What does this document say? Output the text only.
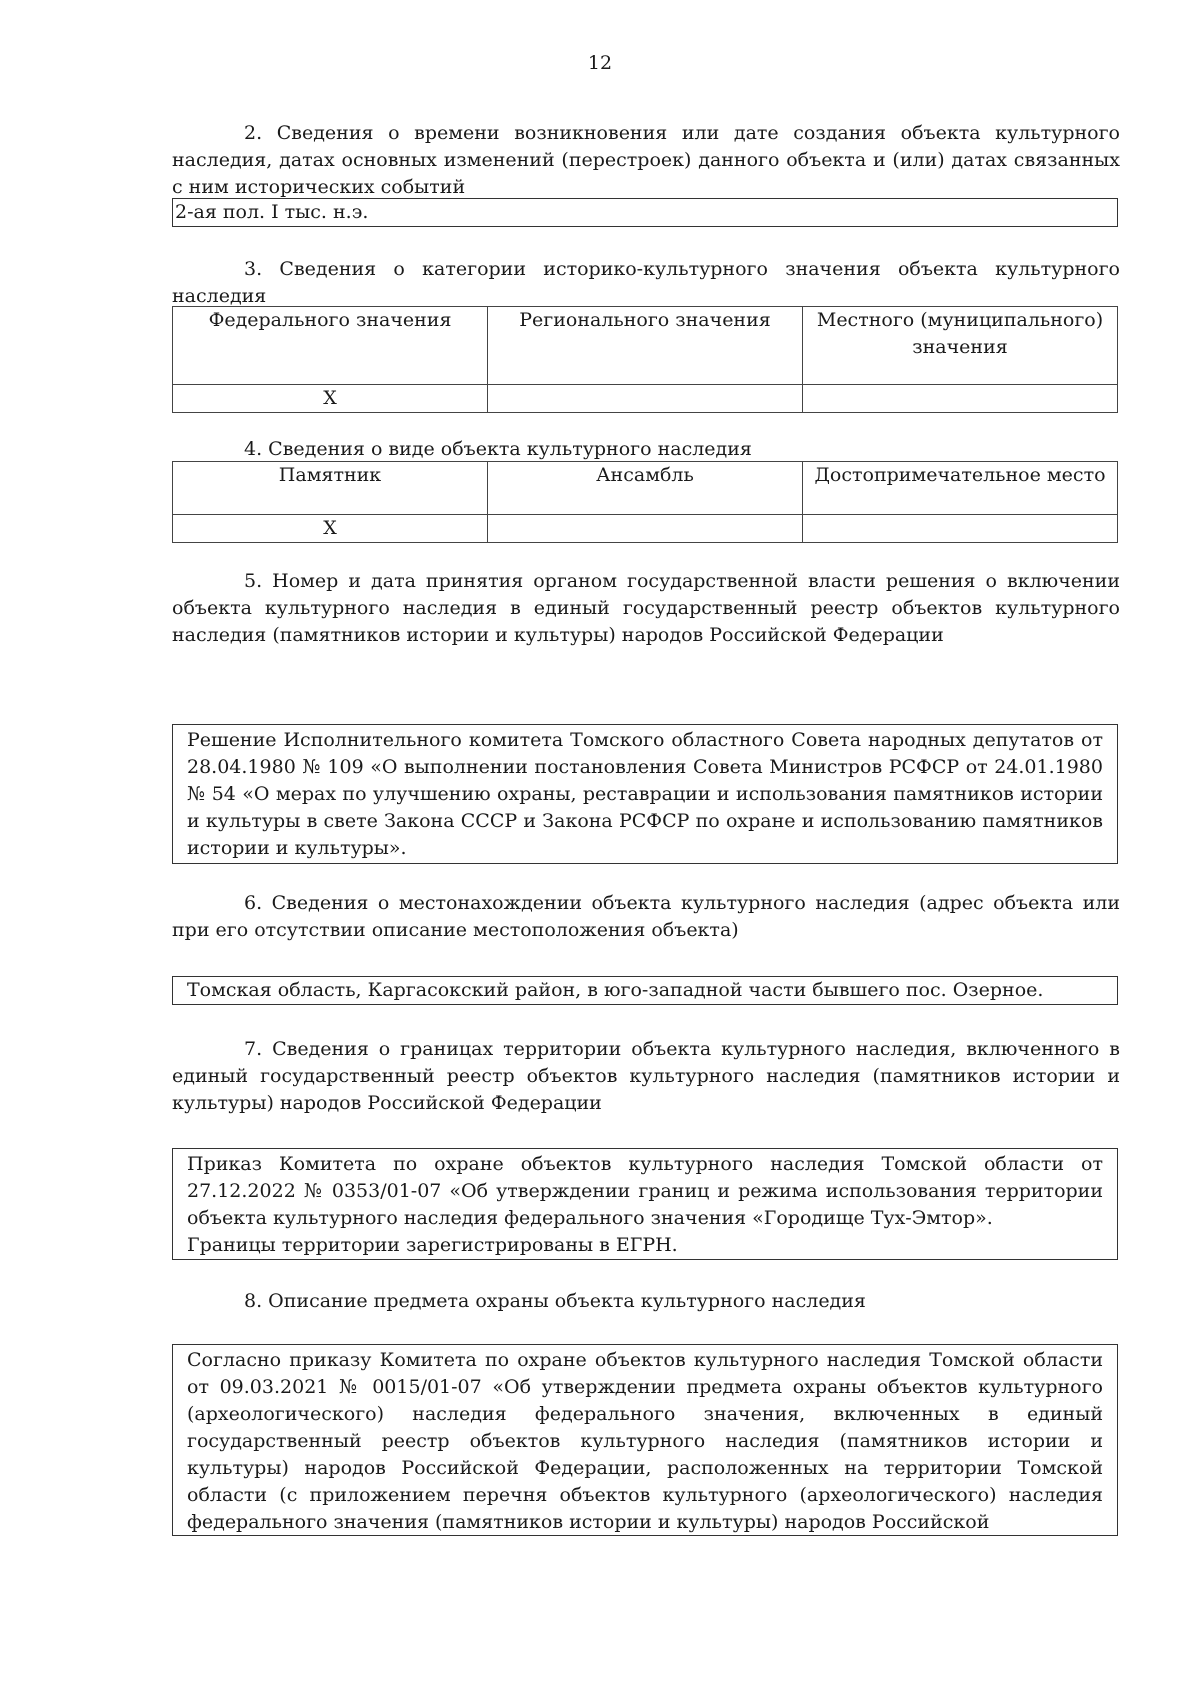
12
2. Сведения о времени возникновения или дате создания объекта культурного наследия, датах основных изменений (перестроек) данного объекта и (или) датах связанных с ним исторических событий
2-ая пол. I тыс. н.э.
3. Сведения о категории историко-культурного значения объекта культурного наследия
Федерального значения	Регионального значения	Местного (муниципального) значения
X		
4. Сведения о виде объекта культурного наследия
Памятник	Ансамбль	Достопримечательное место
X		
5. Номер и дата принятия органом государственной власти решения о включении объекта культурного наследия в единый государственный реестр объектов культурного наследия (памятников истории и культуры) народов Российской Федерации
Решение Исполнительного комитета Томского областного Совета народных депутатов от 28.04.1980 № 109 «О выполнении постановления Совета Министров РСФСР от 24.01.1980 № 54 «О мерах по улучшению охраны, реставрации и использования памятников истории и культуры в свете Закона СССР и Закона РСФСР по охране и использованию памятников истории и культуры».
6. Сведения о местонахождении объекта культурного наследия (адрес объекта или при его отсутствии описание местоположения объекта)
Томская область, Каргасокский район, в юго-западной части бывшего пос. Озерное.
7. Сведения о границах территории объекта культурного наследия, включенного в единый государственный реестр объектов культурного наследия (памятников истории и культуры) народов Российской Федерации
Приказ Комитета по охране объектов культурного наследия Томской области от 27.12.2022 № 0353/01-07 «Об утверждении границ и режима использования территории объекта культурного наследия федерального значения «Городище Тух-Эмтор».
Границы территории зарегистрированы в ЕГРН.
8. Описание предмета охраны объекта культурного наследия
Согласно приказу Комитета по охране объектов культурного наследия Томской области от 09.03.2021 № 0015/01-07 «Об утверждении предмета охраны объектов культурного (археологического) наследия федерального значения, включенных в единый государственный реестр объектов культурного наследия (памятников истории и культуры) народов Российской Федерации, расположенных на территории Томской области (с приложением перечня объектов культурного (археологического) наследия федерального значения (памятников истории и культуры) народов Российской
